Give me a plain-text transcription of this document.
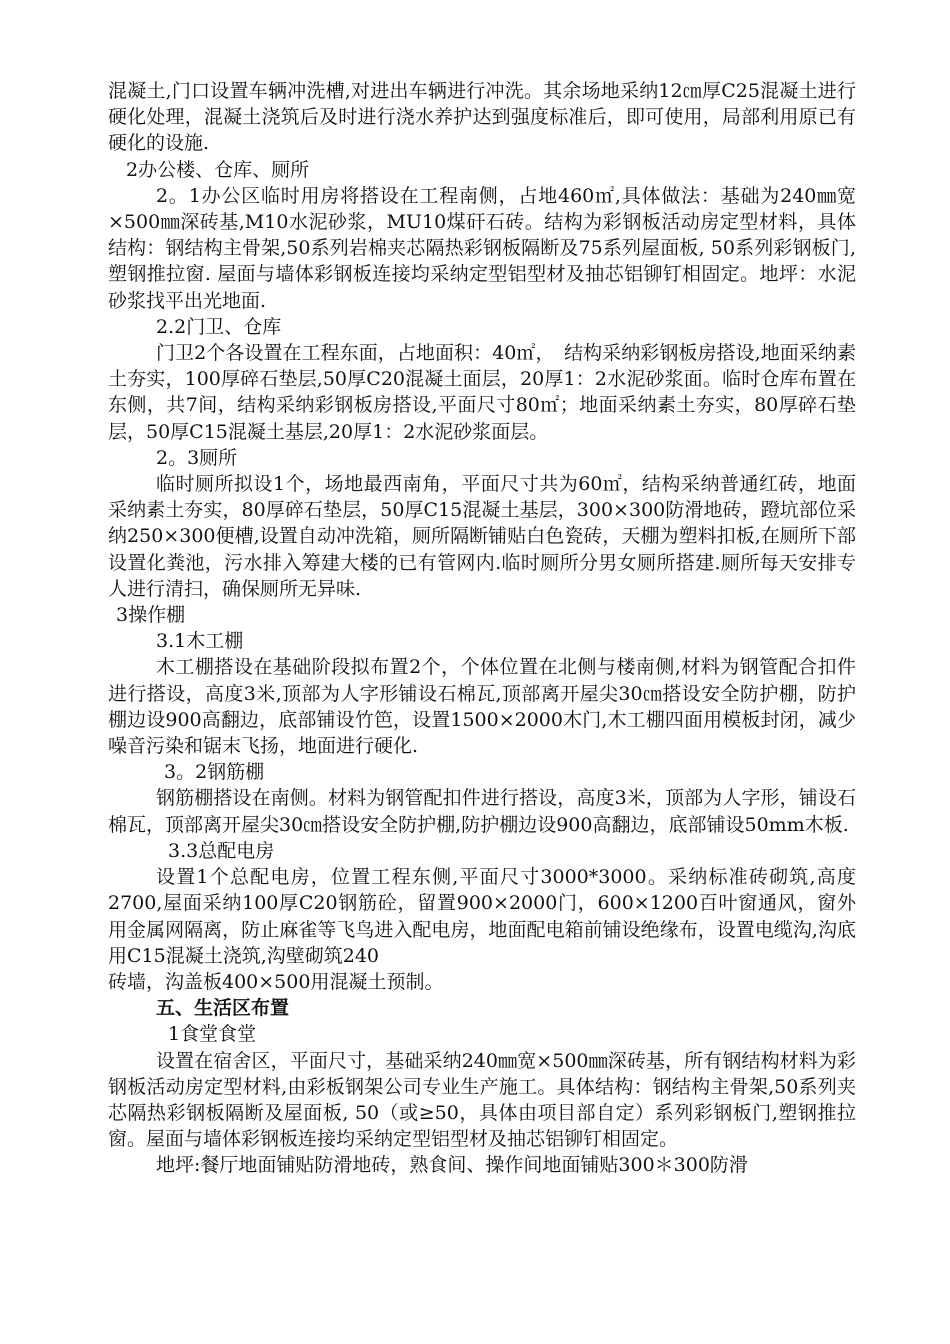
混凝土,门口设置车辆冲洗槽,对进出车辆进行冲洗。其余场地采纳12㎝厚C25混凝土进行硬化处理，混凝土浇筑后及时进行浇水养护达到强度标准后，即可使用，局部利用原已有硬化的设施.

2办公楼、仓库、厕所

2。1办公区临时用房将搭设在工程南侧，占地460㎡,具体做法：基础为240㎜宽×500㎜深砖基,M10水泥砂浆，MU10煤矸石砖。结构为彩钢板活动房定型材料，具体结构：钢结构主骨架,50系列岩棉夹芯隔热彩钢板隔断及75系列屋面板, 50系列彩钢板门,塑钢推拉窗. 屋面与墙体彩钢板连接均采纳定型铝型材及抽芯铝铆钉相固定。地坪：水泥砂浆找平出光地面.

2.2门卫、仓库

门卫2个各设置在工程东面，占地面积：40㎡，　结构采纳彩钢板房搭设,地面采纳素土夯实，100厚碎石垫层,50厚C20混凝土面层，20厚1：2水泥砂浆面。临时仓库布置在东侧，共7间，结构采纳彩钢板房搭设,平面尺寸80㎡；地面采纳素土夯实，80厚碎石垫层，50厚C15混凝土基层,20厚1：2水泥砂浆面层。

2。3厕所

临时厕所拟设1个，场地最西南角，平面尺寸共为60㎡，结构采纳普通红砖，地面采纳素土夯实，80厚碎石垫层，50厚C15混凝土基层，300×300防滑地砖，蹬坑部位采纳250×300便槽,设置自动冲洗箱，厕所隔断铺贴白色瓷砖，天棚为塑料扣板,在厕所下部设置化粪池，污水排入筹建大楼的已有管网内.临时厕所分男女厕所搭建.厕所每天安排专人进行清扫，确保厕所无异味.

3操作棚

3.1木工棚

木工棚搭设在基础阶段拟布置2个，个体位置在北侧与楼南侧,材料为钢管配合扣件进行搭设，高度3米,顶部为人字形铺设石棉瓦,顶部离开屋尖30㎝搭设安全防护棚，防护棚边设900高翻边，底部铺设竹笆，设置1500×2000木门,木工棚四面用模板封闭，减少噪音污染和锯末飞扬，地面进行硬化.

3。2钢筋棚

钢筋棚搭设在南侧。材料为钢管配扣件进行搭设，高度3米，顶部为人字形，铺设石棉瓦，顶部离开屋尖30㎝搭设安全防护棚,防护棚边设900高翻边，底部铺设50mm木板.

3.3总配电房

设置1个总配电房，位置工程东侧,平面尺寸3000*3000。采纳标准砖砌筑,高度2700,屋面采纳100厚C20钢筋砼，留置900×2000门，600×1200百叶窗通风，窗外用金属网隔离，防止麻雀等飞鸟进入配电房，地面配电箱前铺设绝缘布，设置电缆沟,沟底用C15混凝土浇筑,沟壁砌筑240

砖墙，沟盖板400×500用混凝土预制。

五、生活区布置

1食堂食堂

设置在宿舍区，平面尺寸，基础采纳240㎜宽×500㎜深砖基，所有钢结构材料为彩钢板活动房定型材料,由彩板钢架公司专业生产施工。具体结构：钢结构主骨架,50系列夹芯隔热彩钢板隔断及屋面板, 50（或≥50，具体由项目部自定）系列彩钢板门,塑钢推拉窗。屋面与墙体彩钢板连接均采纳定型铝型材及抽芯铝铆钉相固定。

地坪:餐厅地面铺贴防滑地砖，熟食间、操作间地面铺贴300＊300防滑
